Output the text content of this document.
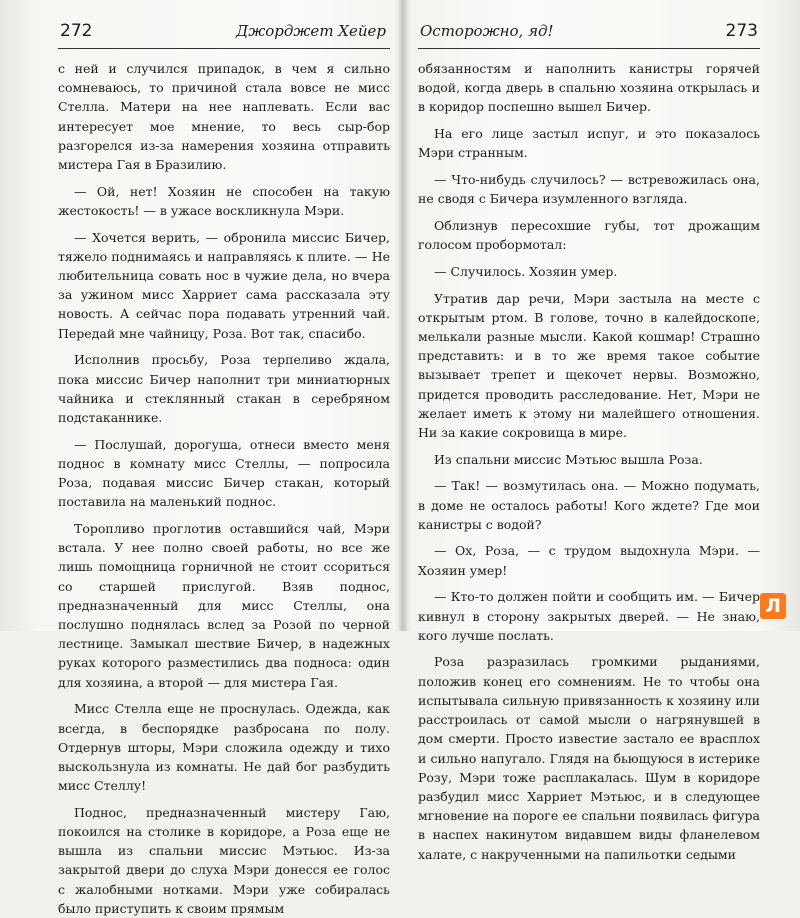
272	Джорджет Хейер

с ней и случился припадок, в чем я сильно сомневаюсь, то причиной стала вовсе не мисс Стелла. Матери на нее наплевать. Если вас интересует мое мнение, то весь сыр-бор разгорелся из-за намерения хозяина отправить мистера Гая в Бразилию.

— Ой, нет! Хозяин не способен на такую жестокость! — в ужасе воскликнула Мэри.

— Хочется верить, — обронила миссис Бичер, тяжело поднимаясь и направляясь к плите. — Не любительница совать нос в чужие дела, но вчера за ужином мисс Харриет сама рассказала эту новость. А сейчас пора подавать утренний чай. Передай мне чайницу, Роза. Вот так, спасибо.

Исполнив просьбу, Роза терпеливо ждала, пока миссис Бичер наполнит три миниатюрных чайника и стеклянный стакан в серебряном подстаканнике.

— Послушай, дорогуша, отнеси вместо меня поднос в комнату мисс Стеллы, — попросила Роза, подавая миссис Бичер стакан, который поставила на маленький поднос.

Торопливо проглотив оставшийся чай, Мэри встала. У нее полно своей работы, но все же лишь помощница горничной не стоит ссориться со старшей прислугой. Взяв поднос, предназначенный для мисс Стеллы, она послушно поднялась вслед за Розой по черной лестнице. Замыкал шествие Бичер, в надежных руках которого разместились два подноса: один для хозяина, а второй — для мистера Гая.

Мисс Стелла еще не проснулась. Одежда, как всегда, в беспорядке разбросана по полу. Отдернув шторы, Мэри сложила одежду и тихо выскользнула из комнаты. Не дай бог разбудить мисс Стеллу!

Поднос, предназначенный мистеру Гаю, покоился на столике в коридоре, а Роза еще не вышла из спальни миссис Мэтьюс. Из-за закрытой двери до слуха Мэри донесся ее голос с жалобными нотками. Мэри уже собиралась было приступить к своим прямым

Осторожно, яд!	273

обязанностям и наполнить канистры горячей водой, когда дверь в спальню хозяина открылась и в коридор поспешно вышел Бичер.

На его лице застыл испуг, и это показалось Мэри странным.

— Что-нибудь случилось? — встревожилась она, не сводя с Бичера изумленного взгляда.

Облизнув пересохшие губы, тот дрожащим голосом пробормотал:

— Случилось. Хозяин умер.

Утратив дар речи, Мэри застыла на месте с открытым ртом. В голове, точно в калейдоскопе, мелькали разные мысли. Какой кошмар! Страшно представить: и в то же время такое событие вызывает трепет и щекочет нервы. Возможно, придется проводить расследование. Нет, Мэри не желает иметь к этому ни малейшего отношения. Ни за какие сокровища в мире.

Из спальни миссис Мэтьюс вышла Роза.

— Так! — возмутилась она. — Можно подумать, в доме не осталось работы! Кого ждете? Где мои канистры с водой?

— Ох, Роза, — с трудом выдохнула Мэри. — Хозяин умер!

— Кто-то должен пойти и сообщить им. — Бичер кивнул в сторону закрытых дверей. — Не знаю, кого лучше послать.

Роза разразилась громкими рыданиями, положив конец его сомнениям. Не то чтобы она испытывала сильную привязанность к хозяину или расстроилась от самой мысли о нагрянувшей в дом смерти. Просто известие застало ее врасплох и сильно напугало. Глядя на бьющуюся в истерике Розу, Мэри тоже расплакалась. Шум в коридоре разбудил мисс Харриет Мэтьюс, и в следующее мгновение на пороге ее спальни появилась фигура в наспех накинутом видавшем виды фланелевом халате, с накрученными на папильотки седыми

Л
